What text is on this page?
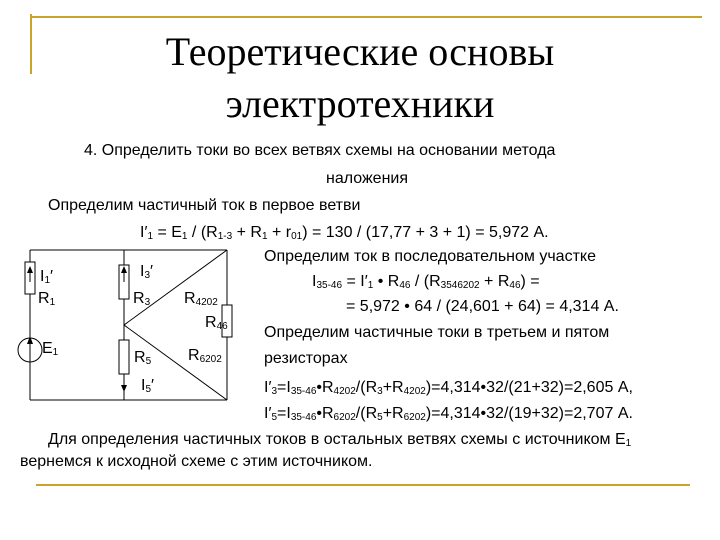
Теоретические основы
электротехники
4. Определить токи во всех ветвях схемы на основании метода
наложения
Определим частичный ток в первое ветви
$I'_1 = E_1 / (R_{1-3} + R_1 + r_{01}) = 130 / (17,77 + 3 + 1) = 5,972$ А.
Определим ток в последовательном участке
$I_{35-46} = I'_1$ • $R_{46} / (R_{3546202} + R_{46})$ =
= 5,972 • 64 / (24,601 + 64) = 4,314 А.
Определим частичные токи в третьем и пятом
резисторах
$I'_3=I_{35-46}•R_{4202}/(R_3+R_{4202})=4,314•32/(21+32)=2,605$ А,
$I'_5=I_{35-46}•R_{6202}/(R_5+R_{6202})=4,314•32/(19+32)=2,707$ А.
Для определения частичных токов в остальных ветвях схемы с источником $E_1$
вернемся к исходной схеме с этим источником.
$I_1'$
$R_1$
$E_1$
$I_3'$
$R_3$ $R_{4202}$
$R_{46}$
$R_5$ $R_{6202}$
$I_5'$
